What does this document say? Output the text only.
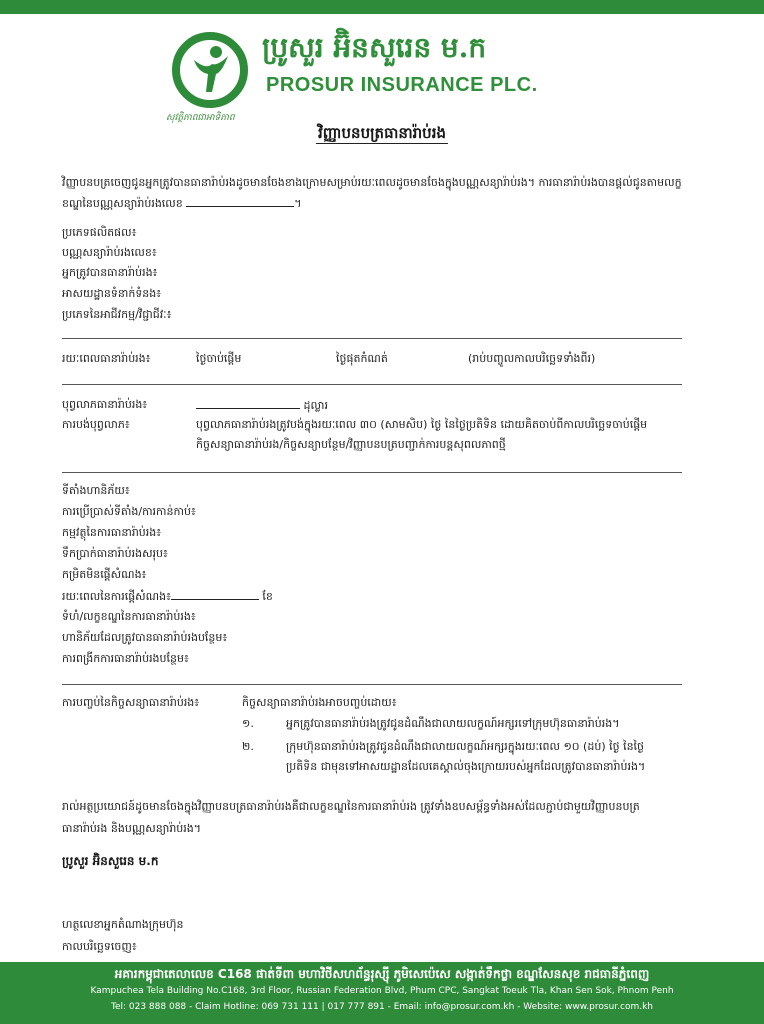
សុវត្ថិភាពជាអាទិភាព
ប្រូសួរ អ៊ិនសួរេន ម.ក
PROSUR INSURANCE PLC.
វិញ្ញាបនបត្រធានារ៉ាប់រង
វិញ្ញាបនបត្រចេញជូនអ្នកត្រូវបានធានារ៉ាប់រងដូចមានចែងខាងក្រោមសម្រាប់រយៈពេលដូចមានចែងក្នុងបណ្ណសន្យារ៉ាប់រង។ ការធានារ៉ាប់រងបានផ្តល់ជូនតាមលក្ខខណ្ឌនៃបណ្ណសន្យារ៉ាប់រងលេខ	។
ប្រភេទផលិតផល៖
បណ្ណសន្យារ៉ាប់រងលេខ៖
អ្នកត្រូវបានធានារ៉ាប់រង៖
អាសយដ្ឋានទំនាក់ទំនង៖
ប្រភេទនៃអាជីវកម្ម/វិជ្ជាជីវៈ៖
រយៈពេលធានារ៉ាប់រង៖	ថ្ងៃចាប់ផ្តើម	ថ្ងៃផុតកំណត់	(រាប់បញ្ចូលកាលបរិច្ឆេទទាំងពីរ)
បុព្វលាភធានារ៉ាប់រង៖	ដុល្លារ
ការបង់បុព្វលាភ៖	បុព្វលាភធានារ៉ាប់រងត្រូវបង់ក្នុងរយៈពេល ៣០ (សាមសិប) ថ្ងៃ នៃថ្ងៃប្រតិទិន ដោយគិតចាប់ពីកាលបរិច្ឆេទចាប់ផ្តើម
កិច្ចសន្យាធានារ៉ាប់រង/កិច្ចសន្យាបន្ថែម/វិញ្ញាបនបត្របញ្ជាក់ការបន្តសុពលភាពថ្មី
ទីតាំងហានិភ័យ៖
ការប្រើប្រាស់ទីតាំង/ការកាន់កាប់៖
កម្មវត្ថុនៃការធានារ៉ាប់រង៖
ទឹកប្រាក់ធានារ៉ាប់រងសរុប៖
កម្រិតមិនផ្តើសំណង៖
រយៈពេលនៃការផ្តើសំណង៖	ខែ
ទំហំ/លក្ខខណ្ឌនៃការធានារ៉ាប់រង៖
ហានិភ័យដែលត្រូវបានធានារ៉ាប់រងបន្ថែម៖
ការពង្រីកការធានារ៉ាប់រងបន្ថែម៖
ការបញ្ចប់នៃកិច្ចសន្យាធានារ៉ាប់រង៖	កិច្ចសន្យាធានារ៉ាប់រងអាចបញ្ចប់ដោយ៖
១.	អ្នកត្រូវបានធានារ៉ាប់រងត្រូវជូនដំណឹងជាលាយលក្ខណ៍អក្សរទៅក្រុមហ៊ុនធានារ៉ាប់រង។
២.	ក្រុមហ៊ុនធានារ៉ាប់រងត្រូវជូនដំណឹងជាលាយលក្ខណ៍អក្សរក្នុងរយៈពេល ១០ (ដប់) ថ្ងៃ នៃថ្ងៃ
ប្រតិទិន ជាមុនទៅអាសយដ្ឋានដែលគេស្គាល់ចុងក្រោយរបស់អ្នកដែលត្រូវបានធានារ៉ាប់រង។
រាល់អត្ថប្រយោជន៍ដូចមានចែងក្នុងវិញ្ញាបនបត្រធានារ៉ាប់រងគឺជាលក្ខខណ្ឌនៃការធានារ៉ាប់រង ត្រូវទាំងឧបសម្ព័ន្ធទាំងអស់ដែលភ្ជាប់ជាមួយវិញ្ញាបនបត្រ
ធានារ៉ាប់រង និងបណ្ណសន្យារ៉ាប់រង។
ប្រូសួរ អ៊ិនសួរេន ម.ក
ហត្ថលេខាអ្នកតំណាងក្រុមហ៊ុន
កាលបរិច្ឆេទចេញ៖
អគារកម្ពុជាតេលាលេខ C168 ផាត់ទីពា មហាវិថីសហព័ន្ធរុស្ស៊ី ភូមិសេប៉េសេ សង្កាត់ទឹកថ្លា ខណ្ឌសែនសុខ រាជធានីភ្នំពេញ
Kampuchea Tela Building No.C168, 3rd Floor, Russian Federation Blvd, Phum CPC, Sangkat Toeuk Tla, Khan Sen Sok, Phnom Penh
Tel: 023 888 088 - Claim Hotline: 069 731 111 | 017 777 891 - Email: info@prosur.com.kh - Website: www.prosur.com.kh
